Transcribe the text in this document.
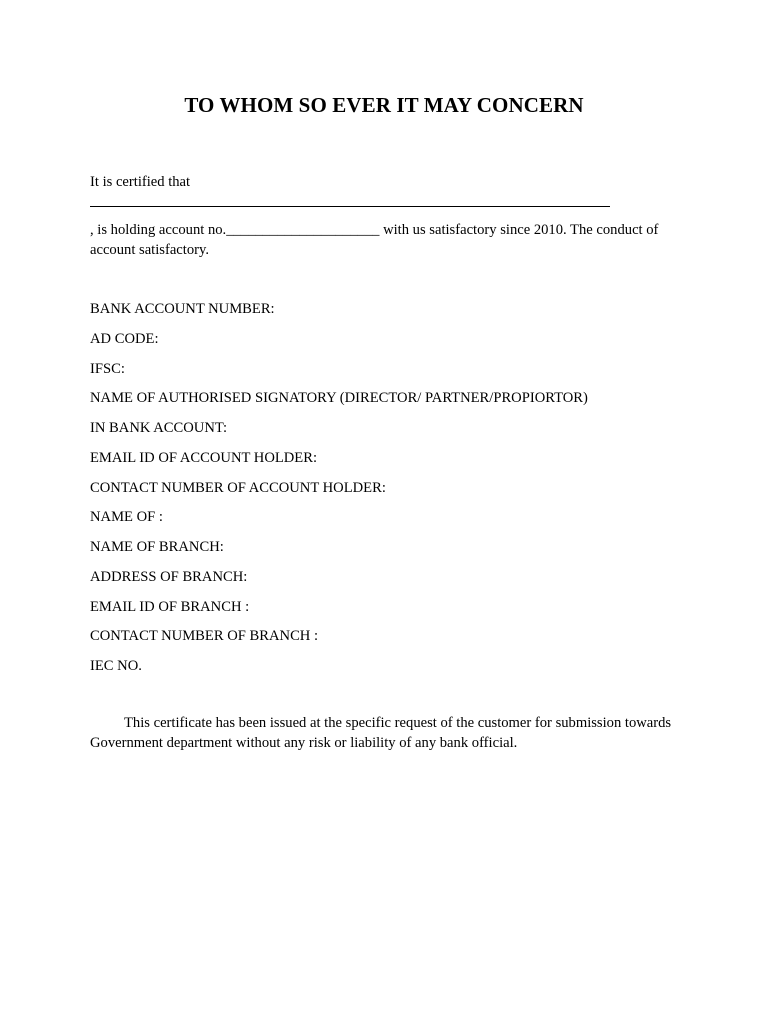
TO WHOM SO EVER IT MAY CONCERN

It is certified that

, is holding account no._____________________ with us satisfactory since 2010. The conduct of account satisfactory.

BANK ACCOUNT NUMBER:
AD CODE:
IFSC:
NAME OF AUTHORISED SIGNATORY (DIRECTOR/ PARTNER/PROPIORTOR)
IN BANK ACCOUNT:
EMAIL ID OF ACCOUNT HOLDER:
CONTACT NUMBER OF ACCOUNT HOLDER:
NAME OF :
NAME OF BRANCH:
ADDRESS OF BRANCH:
EMAIL ID OF BRANCH :
CONTACT NUMBER OF BRANCH :
IEC NO.

This certificate has been issued at the specific request of the customer for submission towards Government department without any risk or liability of any bank official.
